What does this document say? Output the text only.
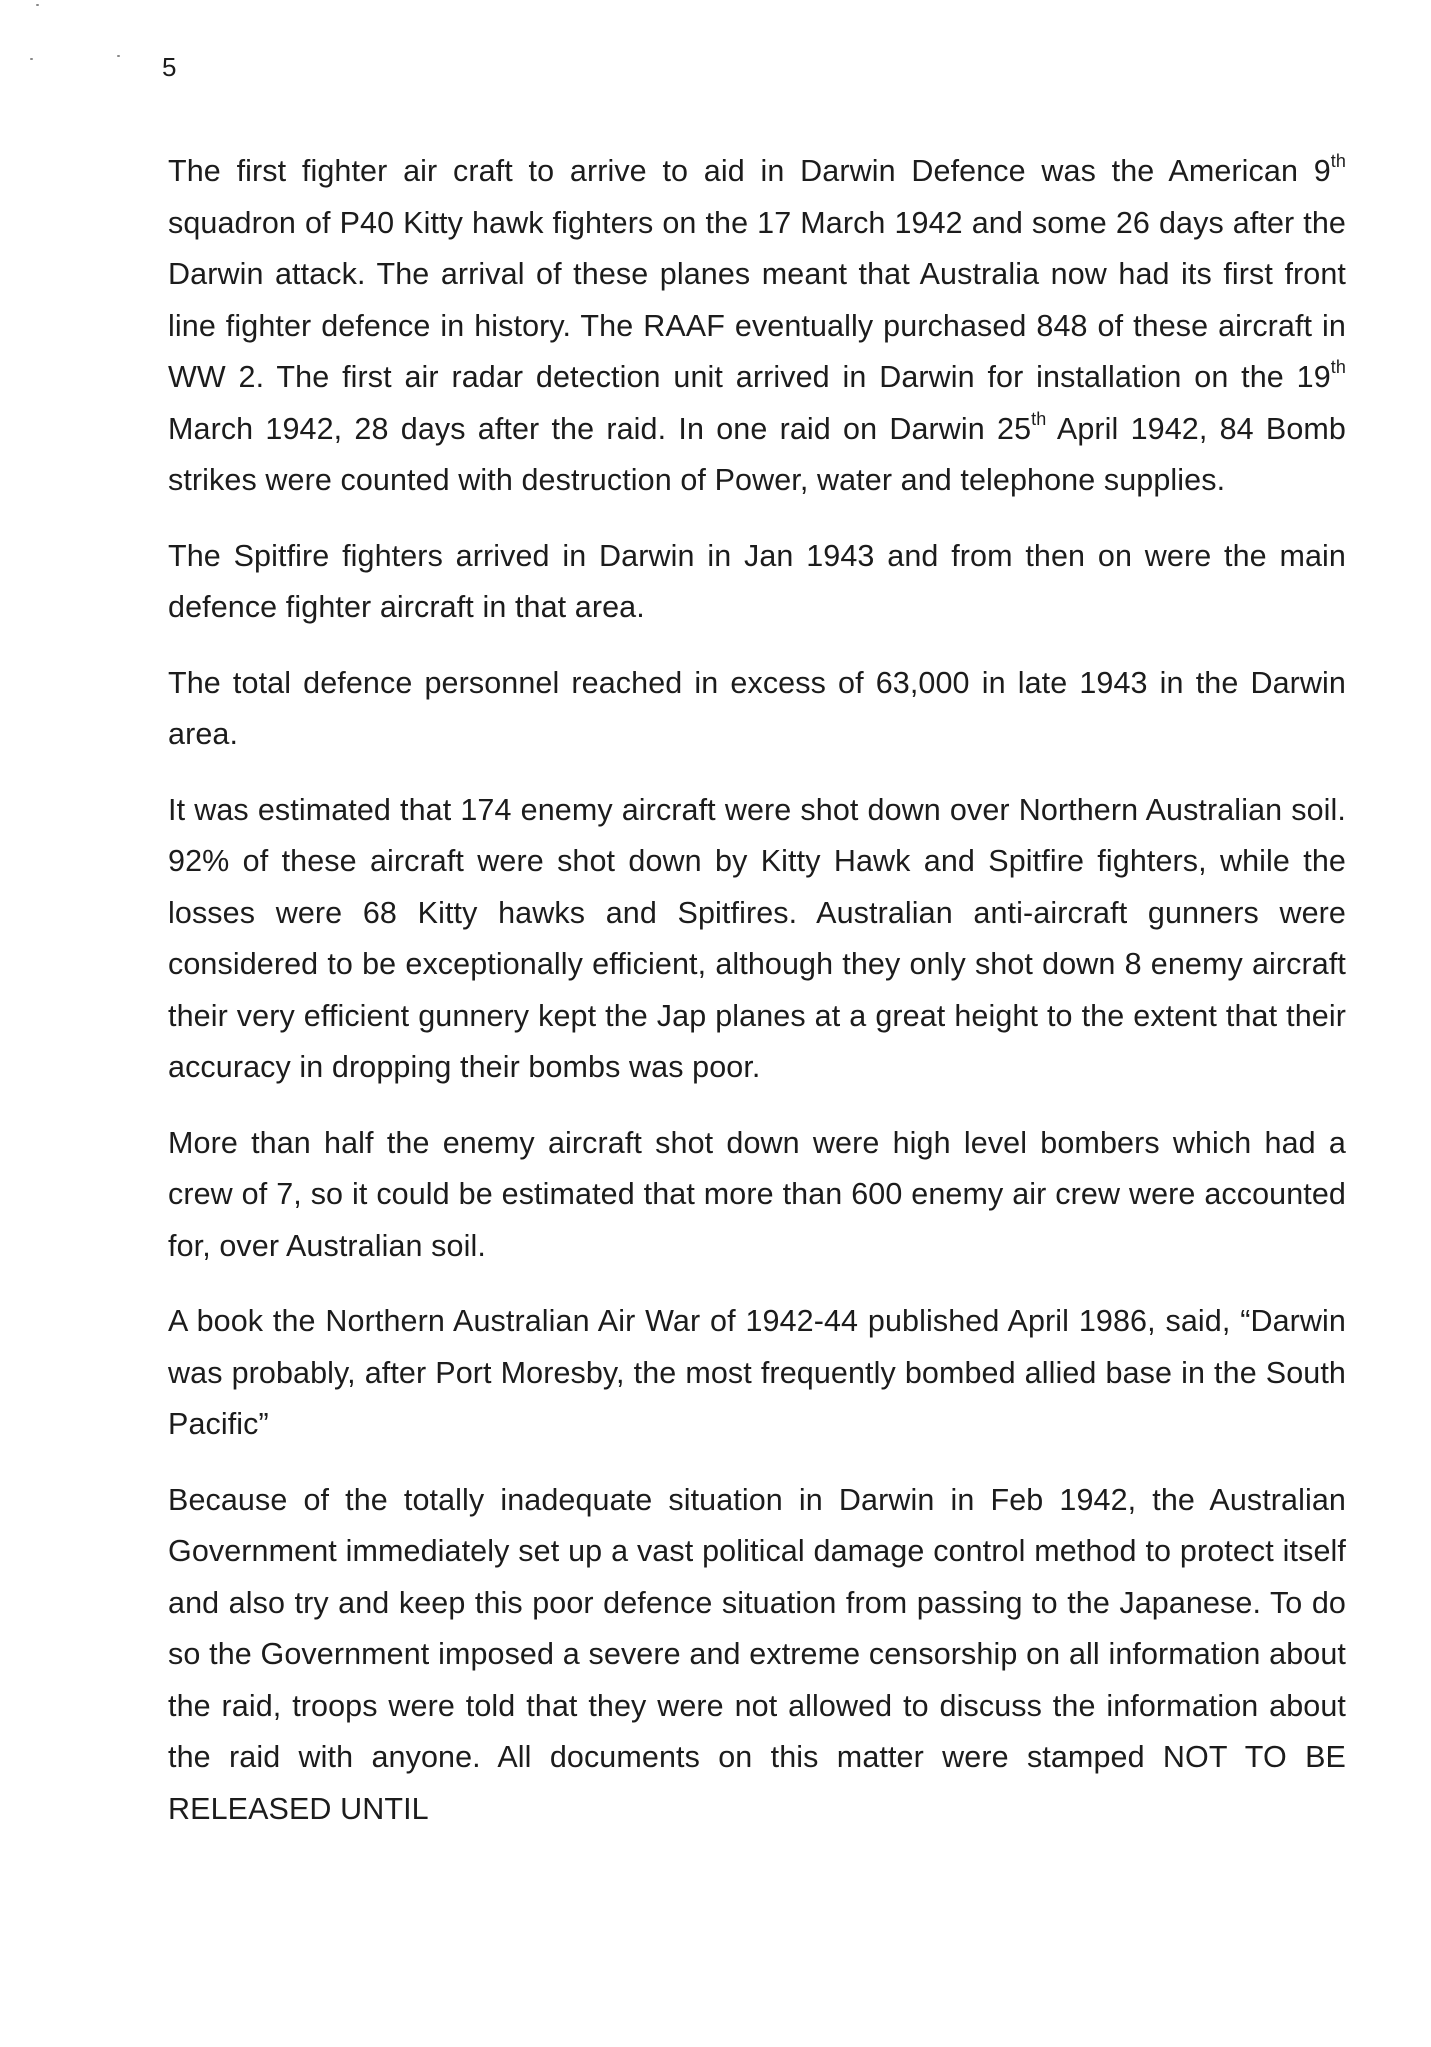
5

The first fighter air craft to arrive to aid in Darwin Defence was the American 9th squadron of P40 Kitty hawk fighters on the 17 March 1942 and some 26 days after the Darwin attack. The arrival of these planes meant that Australia now had its first front line fighter defence in history. The RAAF eventually purchased 848 of these aircraft in WW 2. The first air radar detection unit arrived in Darwin for installation on the 19th March 1942, 28 days after the raid. In one raid on Darwin 25th April 1942, 84 Bomb strikes were counted with destruction of Power, water and telephone supplies.

The Spitfire fighters arrived in Darwin in Jan 1943 and from then on were the main defence fighter aircraft in that area.

The total defence personnel reached in excess of 63,000 in late 1943 in the Darwin area.

It was estimated that 174 enemy aircraft were shot down over Northern Australian soil. 92% of these aircraft were shot down by Kitty Hawk and Spitfire fighters, while the losses were 68 Kitty hawks and Spitfires. Australian anti-aircraft gunners were considered to be exceptionally efficient, although they only shot down 8 enemy aircraft their very efficient gunnery kept the Jap planes at a great height to the extent that their accuracy in dropping their bombs was poor.

More than half the enemy aircraft shot down were high level bombers which had a crew of 7, so it could be estimated that more than 600 enemy air crew were accounted for, over Australian soil.

A book the Northern Australian Air War of 1942-44 published April 1986, said, “Darwin was probably, after Port Moresby, the most frequently bombed allied base in the South Pacific”

Because of the totally inadequate situation in Darwin in Feb 1942, the Australian Government immediately set up a vast political damage control method to protect itself and also try and keep this poor defence situation from passing to the Japanese. To do so the Government imposed a severe and extreme censorship on all information about the raid, troops were told that they were not allowed to discuss the information about the raid with anyone. All documents on this matter were stamped NOT TO BE RELEASED UNTIL
